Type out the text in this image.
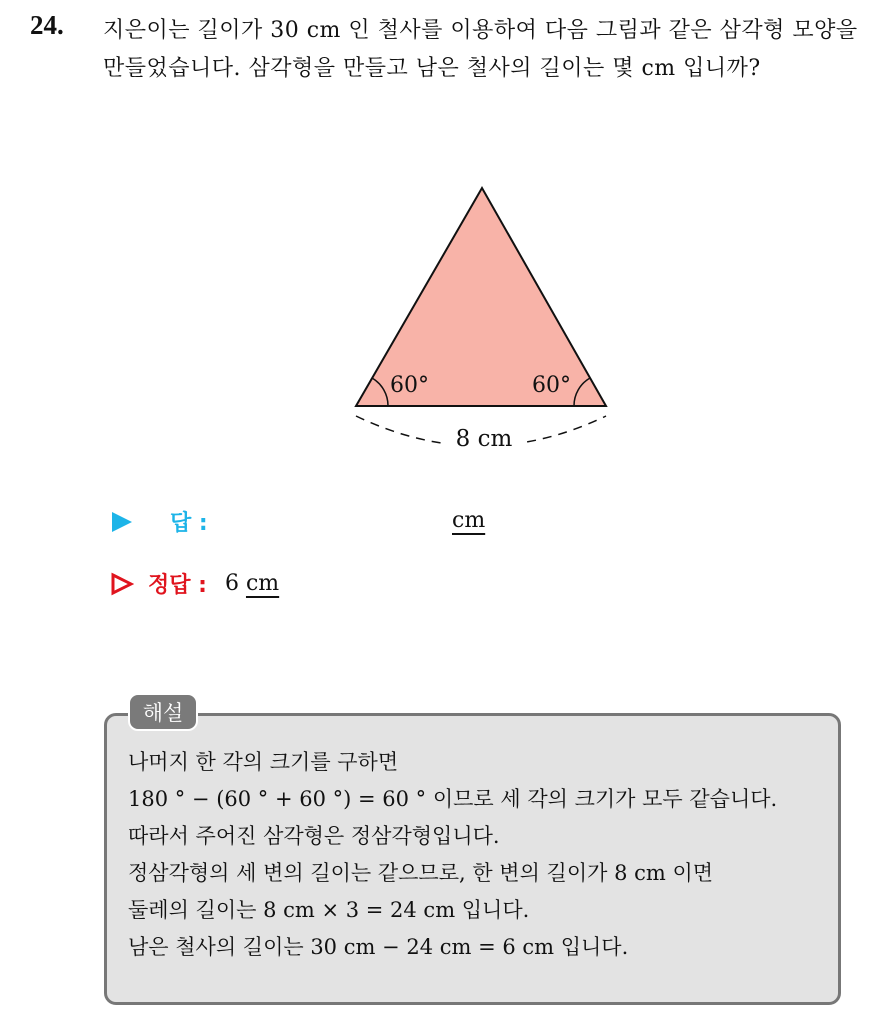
24. 지은이는 길이가 30 cm 인 철사를 이용하여 다음 그림과 같은 삼각형 모양을 만들었습니다. 삼각형을 만들고 남은 철사의 길이는 몇 cm 입니까?
60°	60°
8 cm
답 :	cm
정답 : 6 cm
해설
나머지 한 각의 크기를 구하면
180 ° − (60 ° + 60 °) = 60 ° 이므로 세 각의 크기가 모두 같습니다.
따라서 주어진 삼각형은 정삼각형입니다.
정삼각형의 세 변의 길이는 같으므로, 한 변의 길이가 8 cm 이면
둘레의 길이는 8 cm × 3 = 24 cm 입니다.
남은 철사의 길이는 30 cm − 24 cm = 6 cm 입니다.
